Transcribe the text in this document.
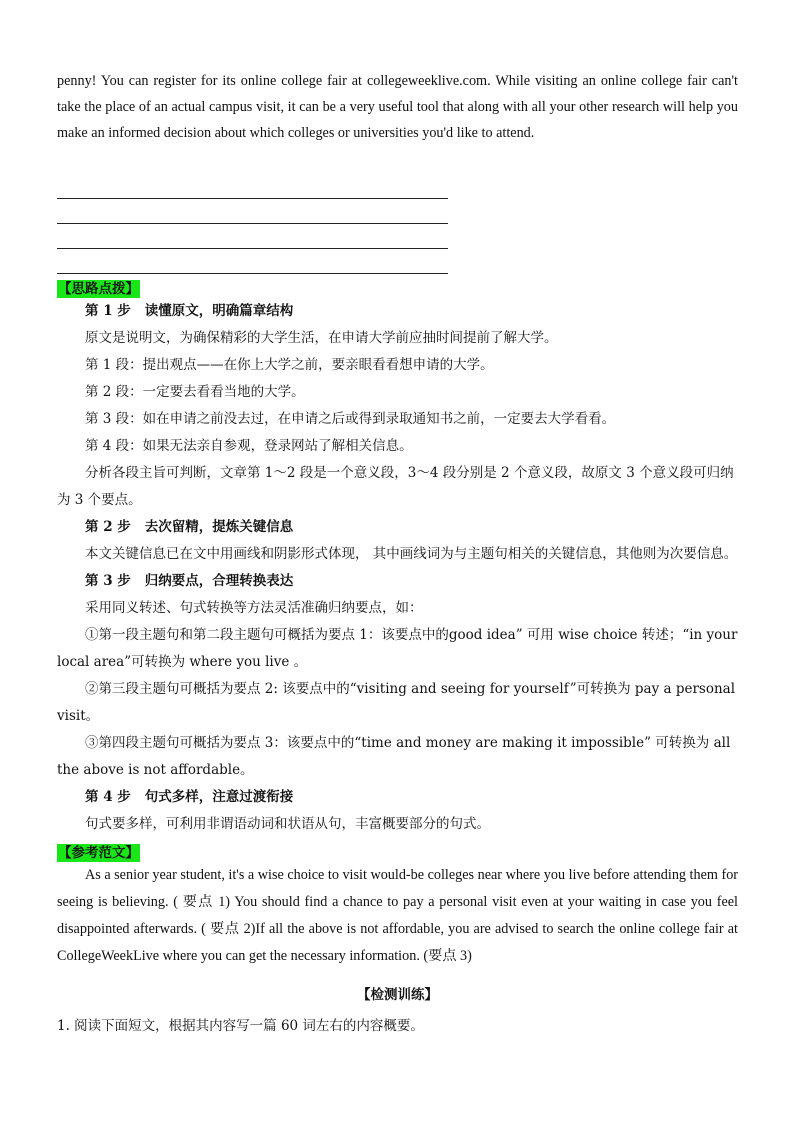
penny! You can register for its online college fair at collegeweeklive.com. While visiting an online college fair can't take the place of an actual campus visit, it can be a very useful tool that along with all your other research will help you make an informed decision about which colleges or universities you'd like to attend.

【思路点拨】
第 1 步 读懂原文，明确篇章结构

原文是说明文，为确保精彩的大学生活，在申请大学前应抽时间提前了解大学。

第 1 段：提出观点——在你上大学之前，要亲眼看看想申请的大学。

第 2 段：一定要去看看当地的大学。

第 3 段：如在申请之前没去过，在申请之后或得到录取通知书之前，一定要去大学看看。

第 4 段：如果无法亲自参观，登录网站了解相关信息。

分析各段主旨可判断，文章第 1～2 段是一个意义段，3～4 段分别是 2 个意义段，故原文 3 个意义段可归纳为 3 个要点。

第 2 步 去次留精，提炼关键信息

本文关键信息已在文中用画线和阴影形式体现， 其中画线词为与主题句相关的关键信息，其他则为次要信息。

第 3 步 归纳要点，合理转换表达

采用同义转述、句式转换等方法灵活准确归纳要点，如：

①第一段主题句和第二段主题句可概括为要点 1：该要点中的good idea” 可用 wise choice 转述；“in your local area”可转换为 where you live 。

②第三段主题句可概括为要点 2: 该要点中的“visiting and seeing for yourself”可转换为 pay a personal visit。

③第四段主题句可概括为要点 3：该要点中的“time and money are making it impossible” 可转换为 all the above is not affordable。

第 4 步 句式多样，注意过渡衔接

句式要多样，可利用非谓语动词和状语从句，丰富概要部分的句式。

【参考范文】

As a senior year student, it's a wise choice to visit would-be colleges near where you live before attending them for seeing is believing. ( 要点 1) You should find a chance to pay a personal visit even at your waiting in case you feel disappointed afterwards. ( 要点 2)If all the above is not affordable, you are advised to search the online college fair at CollegeWeekLive where you can get the necessary information. (要点 3)

【检测训练】
1. 阅读下面短文，根据其内容写一篇 60 词左右的内容概要。
